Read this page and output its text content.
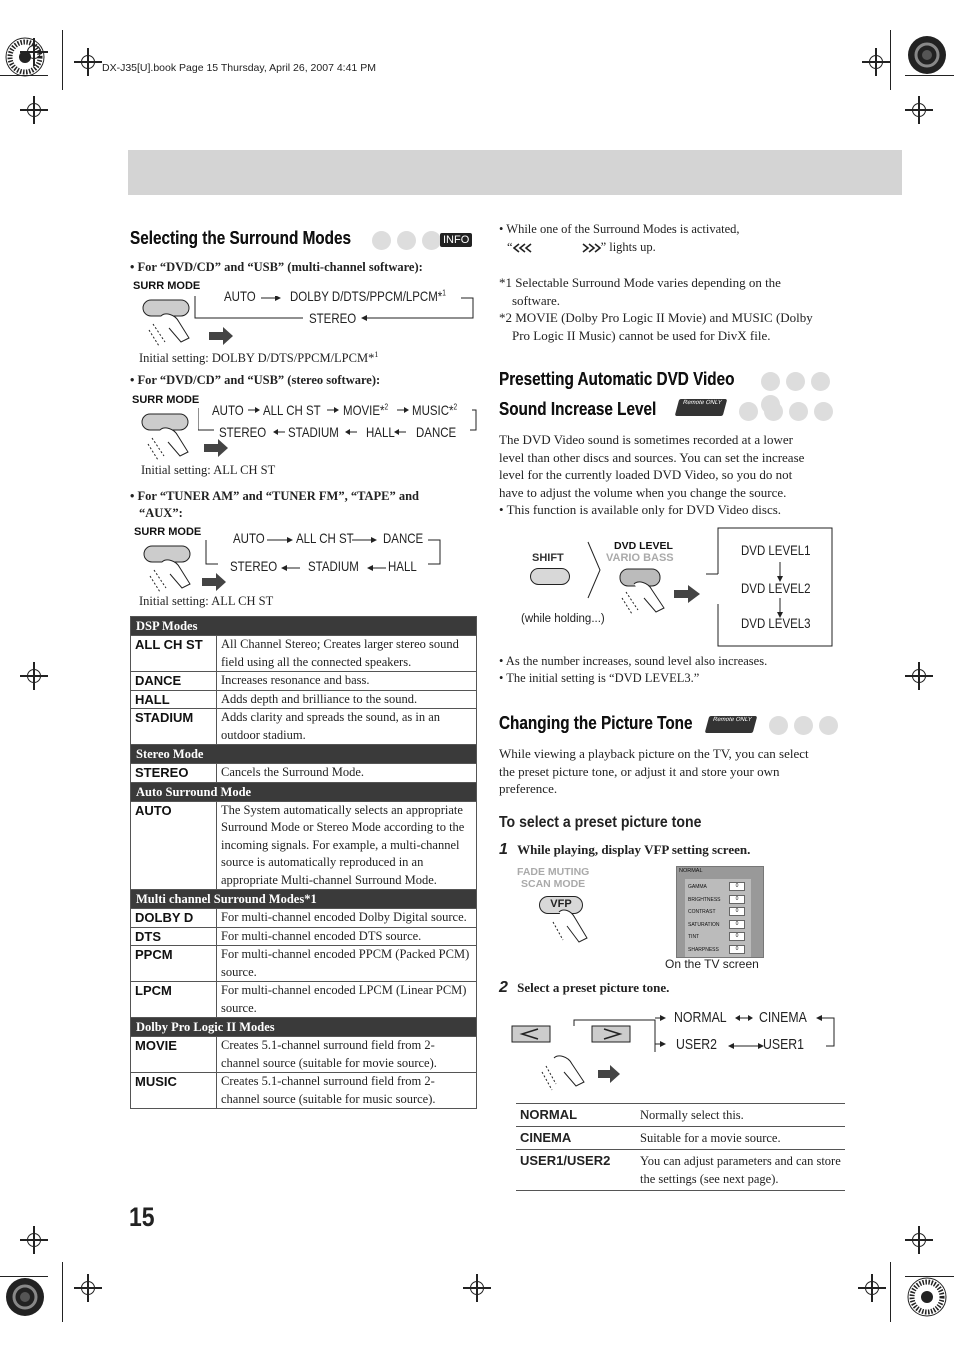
DX-J35[U].book Page 15 Thursday, April 26, 2007 4:41 PM
Selecting the Surround Modes	INFO
• For “DVD/CD” and “USB” (multi-channel software):
SURR MODE
AUTO DOLBY D/DTS/PPCM/LPCM*$^1$
STEREO
Initial setting: DOLBY D/DTS/PPCM/LPCM*$^1$
• For “DVD/CD” and “USB” (stereo software):
SURR MODE
AUTO ALL CH ST MOVIE*$^2$ MUSIC*$^2$
STEREO STADIUM HALL DANCE
Initial setting: ALL CH ST
• For “TUNER AM” and “TUNER FM”, “TAPE” and
“AUX”:
SURR MODE AUTO ALL CH ST DANCE
STEREO STADIUM HALL
Initial setting: ALL CH ST
DSP Modes	
ALL CH ST	All Channel Stereo; Creates larger stereo sound field using all the connected speakers.
DANCE	Increases resonance and bass.
HALL	Adds depth and brilliance to the sound.
STADIUM	Adds clarity and spreads the sound, as in an outdoor stadium.
Stereo Mode	
STEREO	Cancels the Surround Mode.
Auto Surround Mode	
AUTO	The System automatically selects an appropriate Surround Mode or Stereo Mode according to the incoming signals. For example, a multi-channel source is automatically reproduced in an appropriate Multi-channel Surround Mode.
Multi channel Surround Modes*1	
DOLBY D	For multi-channel encoded Dolby Digital source.
DTS	For multi-channel encoded DTS source.
PPCM	For multi-channel encoded PPCM (Packed PCM) source.
LPCM	For multi-channel encoded LPCM (Linear PCM) source.
Dolby Pro Logic II Modes	
MOVIE	Creates 5.1-channel surround field from 2-channel source (suitable for movie source).
MUSIC	Creates 5.1-channel surround field from 2-channel source (suitable for music source).
15
• While one of the Surround Modes is activated,
“	” lights up.
*1 Selectable Surround Mode varies depending on the
software.
*2 MOVIE (Dolby Pro Logic II Movie) and MUSIC (Dolby
Pro Logic II Music) cannot be used for DivX file.
Presetting Automatic DVD Video
Sound Increase Level	Remote ONLY
The DVD Video sound is sometimes recorded at a lower
level than other discs and sources. You can set the increase
level for the currently loaded DVD Video, so you do not
have to adjust the volume when you change the source.
• This function is available only for DVD Video discs.
SHIFT
DVD LEVEL
VARIO BASS	DVD LEVEL1
DVD LEVEL2
DVD LEVEL3
(while holding...)
• As the number increases, sound level also increases.
• The initial setting is “DVD LEVEL3.”
Changing the Picture Tone	Remote ONLY
While viewing a playback picture on the TV, you can select
the preset picture tone, or adjust it and store your own
preference.
To select a preset picture tone
1 While playing, display VFP setting screen.
FADE MUTING
SCAN MODE
VFP
NORMAL
GAMMA	0
BRIGHTNESS	0
CONTRAST	0
SATURATION	0
TINT	0
SHARPNESS	0
On the TV screen
2 Select a preset picture tone.
NORMAL CINEMA
USER2	USER1
NORMAL	Normally select this.
CINEMA	Suitable for a movie source.
USER1/USER2	You can adjust parameters and can store the settings (see next page).
